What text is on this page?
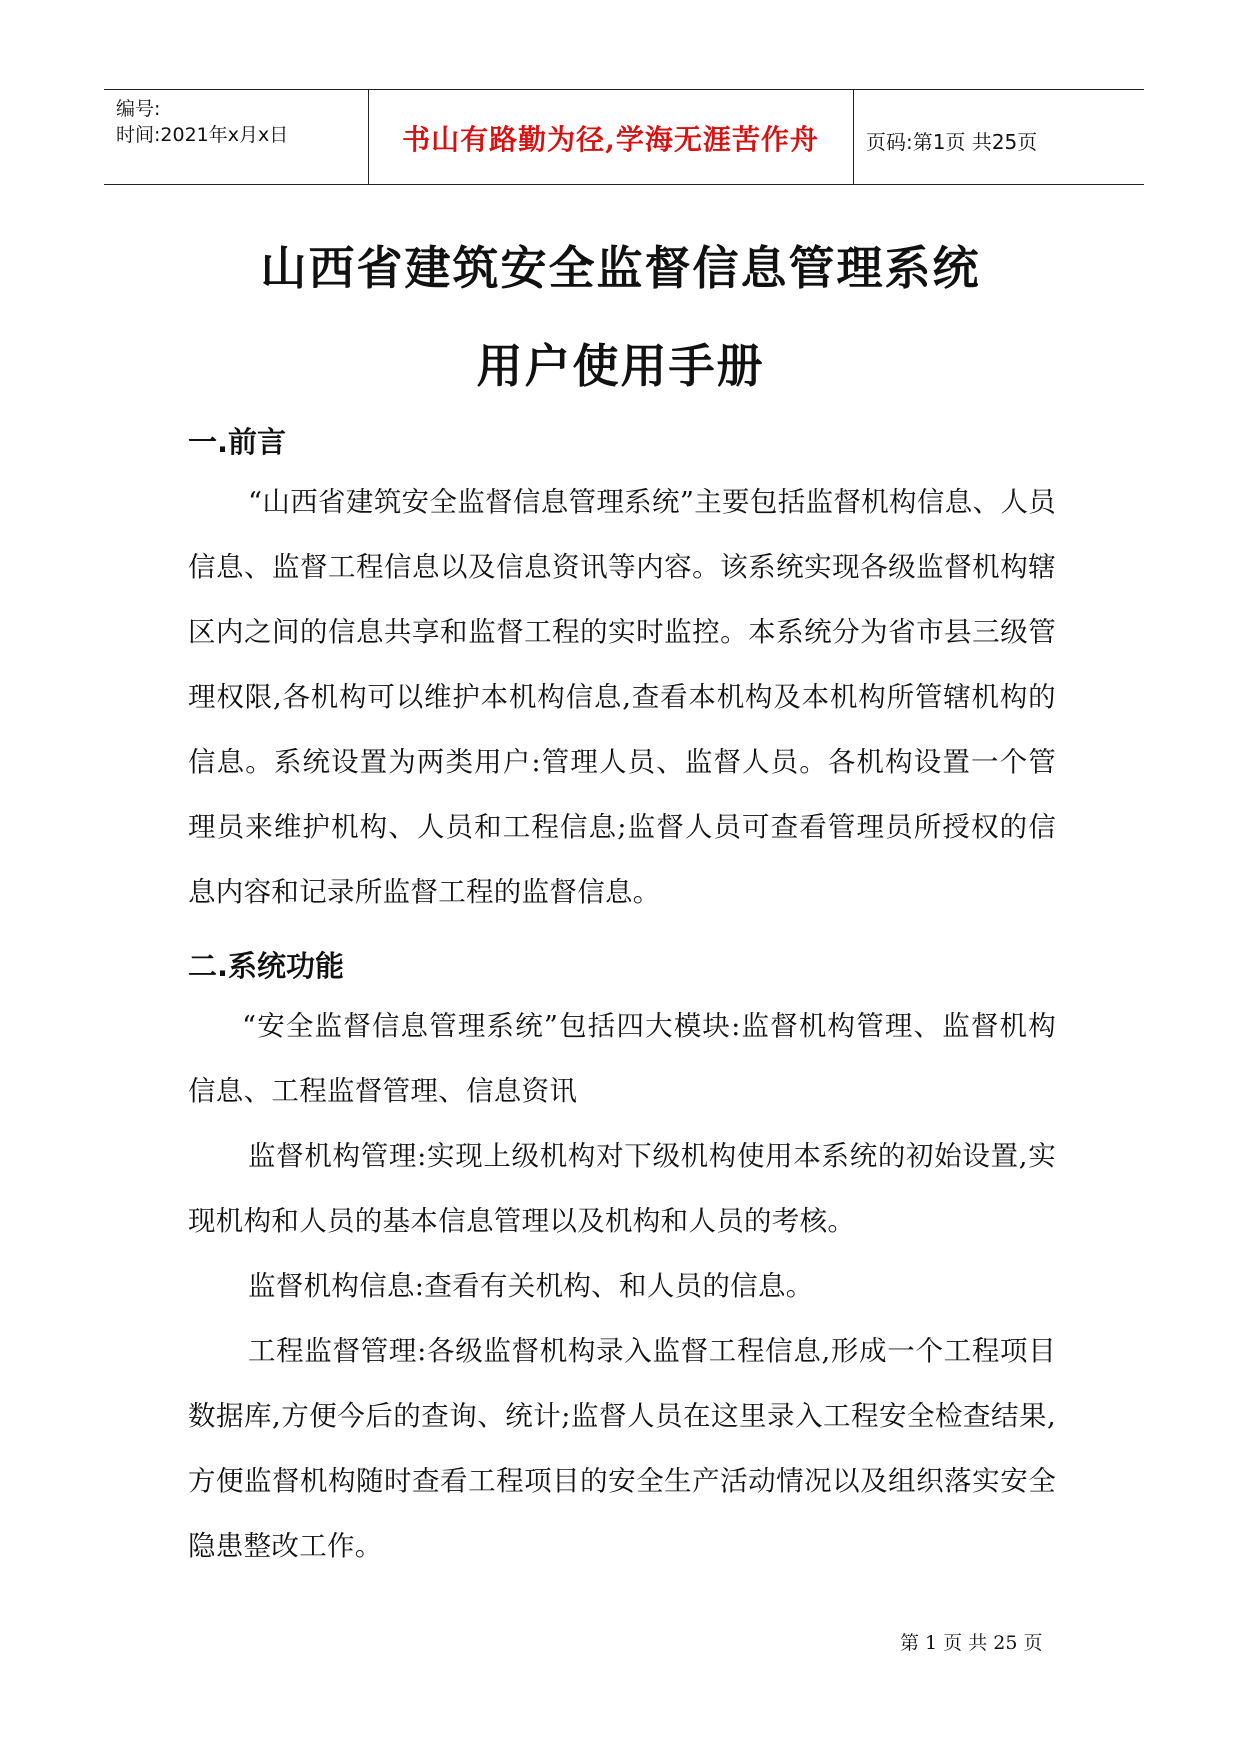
编号:
时间:2021年x月x日	书山有路勤为径,学海无涯苦作舟	页码:第1页 共25页
山西省建筑安全监督信息管理系统
用户使用手册
一.前言
“山西省建筑安全监督信息管理系统”主要包括监督机构信息、人员信息、监督工程信息以及信息资讯等内容。该系统实现各级监督机构辖区内之间的信息共享和监督工程的实时监控。本系统分为省市县三级管理权限,各机构可以维护本机构信息,查看本机构及本机构所管辖机构的信息。系统设置为两类用户:管理人员、监督人员。各机构设置一个管理员来维护机构、人员和工程信息;监督人员可查看管理员所授权的信息内容和记录所监督工程的监督信息。
二.系统功能
“安全监督信息管理系统”包括四大模块:监督机构管理、监督机构信息、工程监督管理、信息资讯
监督机构管理:实现上级机构对下级机构使用本系统的初始设置,实现机构和人员的基本信息管理以及机构和人员的考核。
监督机构信息:查看有关机构、和人员的信息。
工程监督管理:各级监督机构录入监督工程信息,形成一个工程项目数据库,方便今后的查询、统计;监督人员在这里录入工程安全检查结果,方便监督机构随时查看工程项目的安全生产活动情况以及组织落实安全隐患整改工作。
第 1 页 共 25 页
